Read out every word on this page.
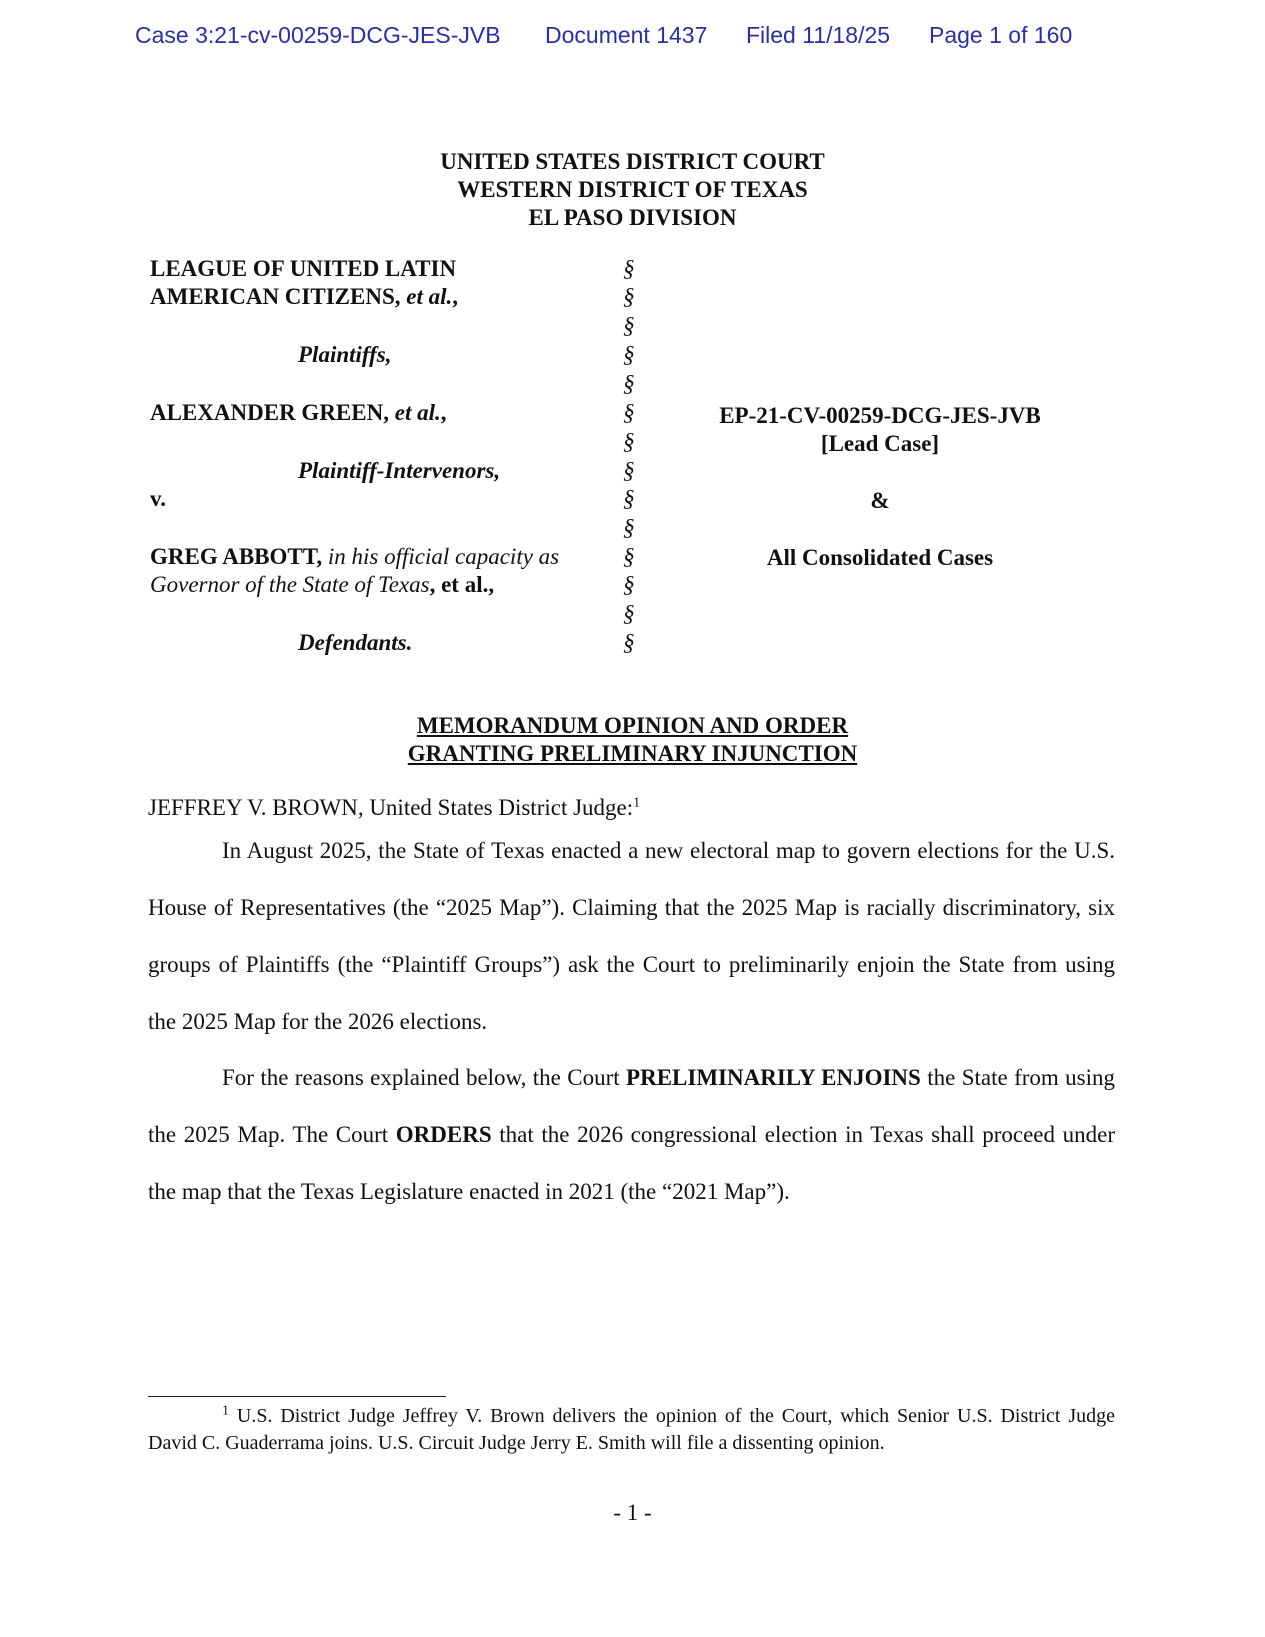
Case 3:21-cv-00259-DCG-JES-JVB Document 1437 Filed 11/18/25 Page 1 of 160
UNITED STATES DISTRICT COURT
WESTERN DISTRICT OF TEXAS
EL PASO DIVISION
LEAGUE OF UNITED LATIN
AMERICAN CITIZENS, et al.,
Plaintiffs,
ALEXANDER GREEN, et al.,
Plaintiff-Intervenors,
v.
GREG ABBOTT, in his official capacity as
Governor of the State of Texas, et al.,
Defendants.
§
§
§
§
§
§
§
§
§
§
§
§
§
§
EP-21-CV-00259-DCG-JES-JVB
[Lead Case]
&
All Consolidated Cases
MEMORANDUM OPINION AND ORDER
GRANTING PRELIMINARY INJUNCTION
JEFFREY V. BROWN, United States District Judge:$^1$
In August 2025, the State of Texas enacted a new electoral map to govern elections for the U.S. House of Representatives (the “2025 Map”). Claiming that the 2025 Map is racially discriminatory, six groups of Plaintiffs (the “Plaintiff Groups”) ask the Court to preliminarily enjoin the State from using the 2025 Map for the 2026 elections.
For the reasons explained below, the Court PRELIMINARILY ENJOINS the State from using the 2025 Map. The Court ORDERS that the 2026 congressional election in Texas shall proceed under the map that the Texas Legislature enacted in 2021 (the “2021 Map”).
$^1$ U.S. District Judge Jeffrey V. Brown delivers the opinion of the Court, which Senior U.S. District Judge David C. Guaderrama joins. U.S. Circuit Judge Jerry E. Smith will file a dissenting opinion.
- 1 -
